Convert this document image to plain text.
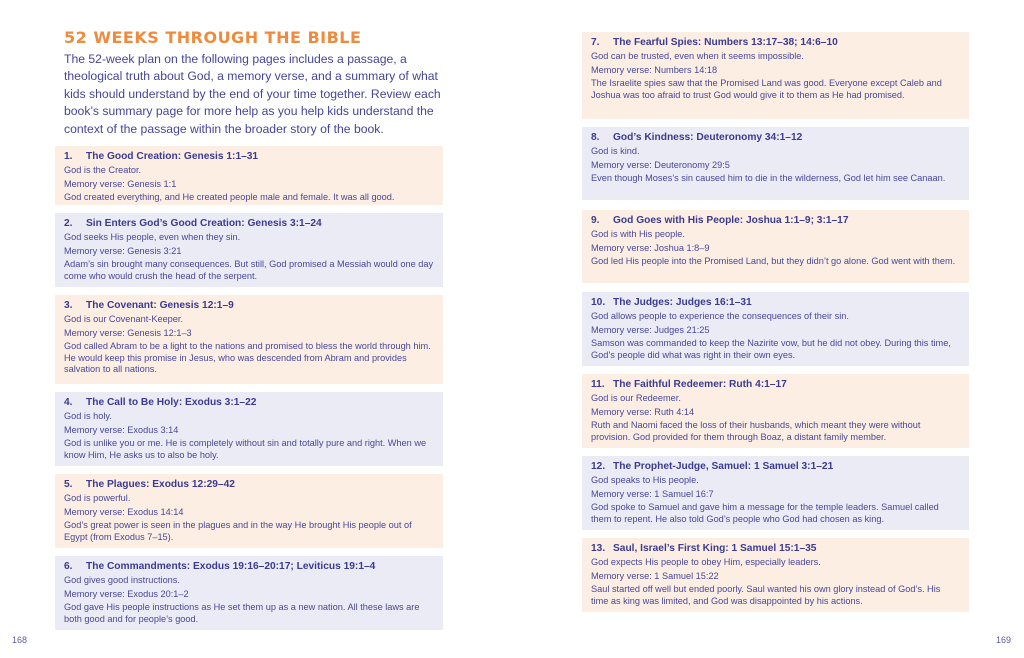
52 WEEKS THROUGH THE BIBLE
The 52-week plan on the following pages includes a passage, a theological truth about God, a memory verse, and a summary of what kids should understand by the end of your time together. Review each book’s summary page for more help as you help kids understand the context of the passage within the broader story of the book.
1. The Good Creation: Genesis 1:1–31
God is the Creator.
Memory verse: Genesis 1:1
God created everything, and He created people male and female. It was all good.
2. Sin Enters God’s Good Creation: Genesis 3:1–24
God seeks His people, even when they sin.
Memory verse: Genesis 3:21
Adam’s sin brought many consequences. But still, God promised a Messiah would one day come who would crush the head of the serpent.
3. The Covenant: Genesis 12:1–9
God is our Covenant-Keeper.
Memory verse: Genesis 12:1–3
God called Abram to be a light to the nations and promised to bless the world through him. He would keep this promise in Jesus, who was descended from Abram and provides salvation to all nations.
4. The Call to Be Holy: Exodus 3:1–22
God is holy.
Memory verse: Exodus 3:14
God is unlike you or me. He is completely without sin and totally pure and right. When we know Him, He asks us to also be holy.
5. The Plagues: Exodus 12:29–42
God is powerful.
Memory verse: Exodus 14:14
God’s great power is seen in the plagues and in the way He brought His people out of Egypt (from Exodus 7–15).
6. The Commandments: Exodus 19:16–20:17; Leviticus 19:1–4
God gives good instructions.
Memory verse: Exodus 20:1–2
God gave His people instructions as He set them up as a new nation. All these laws are both good and for people’s good.
7. The Fearful Spies: Numbers 13:17–38; 14:6–10
God can be trusted, even when it seems impossible.
Memory verse: Numbers 14:18
The Israelite spies saw that the Promised Land was good. Everyone except Caleb and Joshua was too afraid to trust God would give it to them as He had promised.
8. God’s Kindness: Deuteronomy 34:1–12
God is kind.
Memory verse: Deuteronomy 29:5
Even though Moses’s sin caused him to die in the wilderness, God let him see Canaan.
9. God Goes with His People: Joshua 1:1–9; 3:1–17
God is with His people.
Memory verse: Joshua 1:8–9
God led His people into the Promised Land, but they didn’t go alone. God went with them.
10. The Judges: Judges 16:1–31
God allows people to experience the consequences of their sin.
Memory verse: Judges 21:25
Samson was commanded to keep the Nazirite vow, but he did not obey. During this time, God’s people did what was right in their own eyes.
11. The Faithful Redeemer: Ruth 4:1–17
God is our Redeemer.
Memory verse: Ruth 4:14
Ruth and Naomi faced the loss of their husbands, which meant they were without provision. God provided for them through Boaz, a distant family member.
12. The Prophet-Judge, Samuel: 1 Samuel 3:1–21
God speaks to His people.
Memory verse: 1 Samuel 16:7
God spoke to Samuel and gave him a message for the temple leaders. Samuel called them to repent. He also told God’s people who God had chosen as king.
13. Saul, Israel’s First King: 1 Samuel 15:1–35
God expects His people to obey Him, especially leaders.
Memory verse: 1 Samuel 15:22
Saul started off well but ended poorly. Saul wanted his own glory instead of God’s. His time as king was limited, and God was disappointed by his actions.
168	169
